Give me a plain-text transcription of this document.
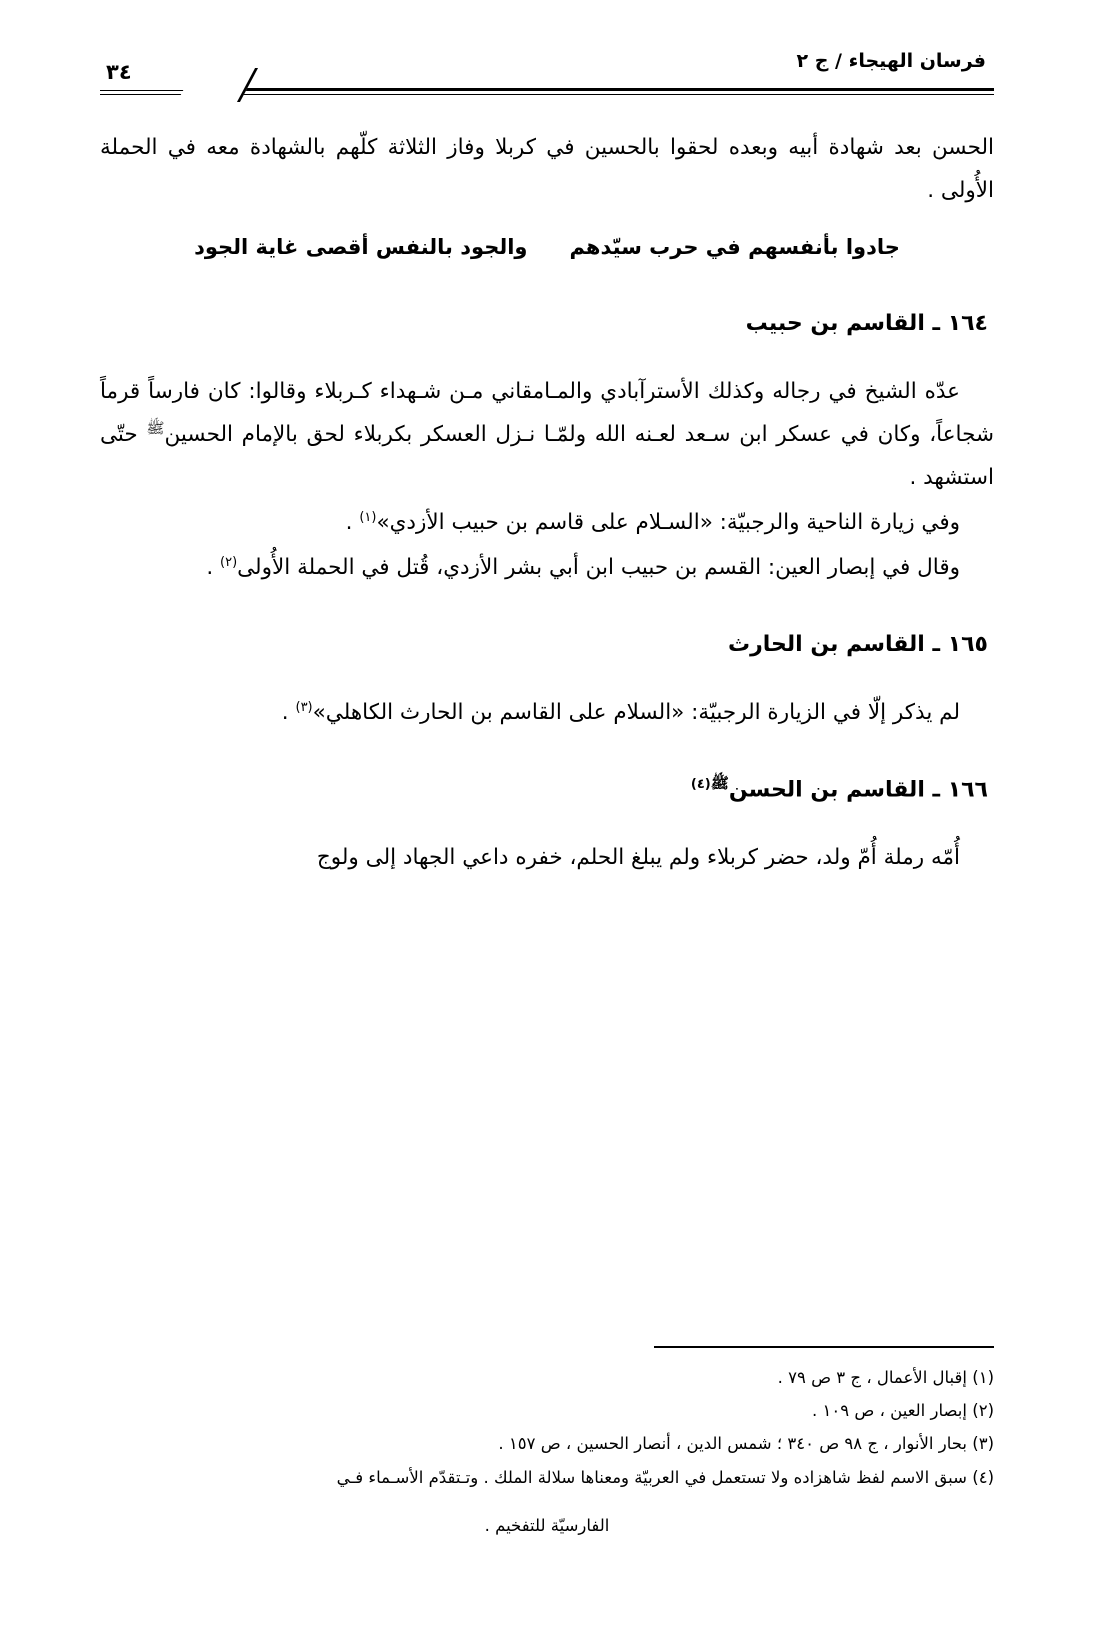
فرسان الهيجاء / ج ٢
٣٤

الحسن بعد شهادة أبيه وبعده لحقوا بالحسين في كربلا وفاز الثلاثة كلّهم بالشهادة معه في الحملة الأُولى .

جادوا بأنفسهم في حرب سيّدهم
والجود بالنفس أقصى غاية الجود
١٦٤ ـ القاسم بن حبيب

عدّه الشيخ في رجاله وكذلك الأسترآبادي والمـامقاني مـن شـهداء كـربلاء وقالوا: كان فارساً قرماً شجاعاً، وكان في عسكر ابن سـعد لعـنه الله ولمّـا نـزل العسكر بكربلاء لحق بالإمام الحسين$^ﷺ$ حتّى استشهد .

وفي زيارة الناحية والرجبيّة: «السـلام على قاسم بن حبيب الأزدي»$^{(١)}$ .

وقال في إبصار العين: القسم بن حبيب ابن أبي بشر الأزدي، قُتل في الحملة الأُولى$^{(٢)}$ .

١٦٥ ـ القاسم بن الحارث

لم يذكر إلّا في الزيارة الرجبيّة: «السلام على القاسم بن الحارث الكاهلي»$^{(٣)}$ .

١٦٦ ـ القاسم بن الحسن$^{ﷺ(٤)}$

أُمّه رملة أُمّ ولد، حضر كربلاء ولم يبلغ الحلم، خفره داعي الجهاد إلى ولوج

(١) إقبال الأعمال ، ج ٣ ص ٧٩ .

(٢) إبصار العين ، ص ١٠٩ .

(٣) بحار الأنوار ، ج ٩٨ ص ٣٤٠ ؛ شمس الدين ، أنصار الحسين ، ص ١٥٧ .

(٤) سبق الاسم لفظ شاهزاده ولا تستعمل في العربيّة ومعناها سلالة الملك . وتـتقدّم الأسـماء فـي

الفارسيّة للتفخيم .
